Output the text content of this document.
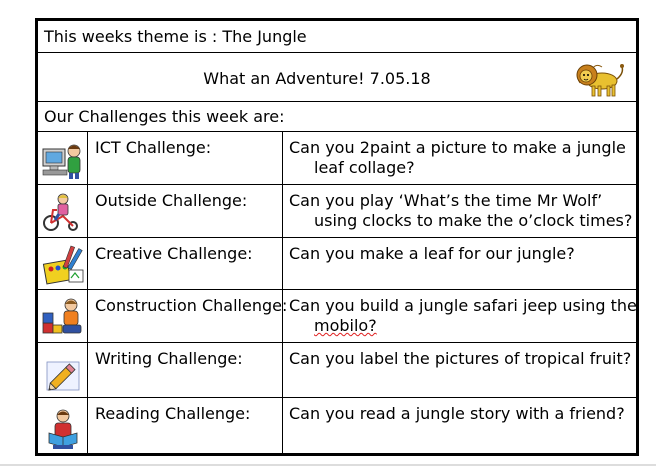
This weeks theme is : The Jungle
What an Adventure! 7.05.18
Our Challenges this week are:
ICT Challenge:	Can you 2paint a picture to make a jungle
leaf collage?
Outside Challenge:	Can you play ‘What’s the time Mr Wolf’
using clocks to make the o’clock times?
Creative Challenge: Can you make a leaf for our jungle?
Construction Challenge: Can you build a jungle safari jeep using the
mobilo?
Writing Challenge:	Can you label the pictures of tropical fruit?
Reading Challenge: Can you read a jungle story with a friend?
